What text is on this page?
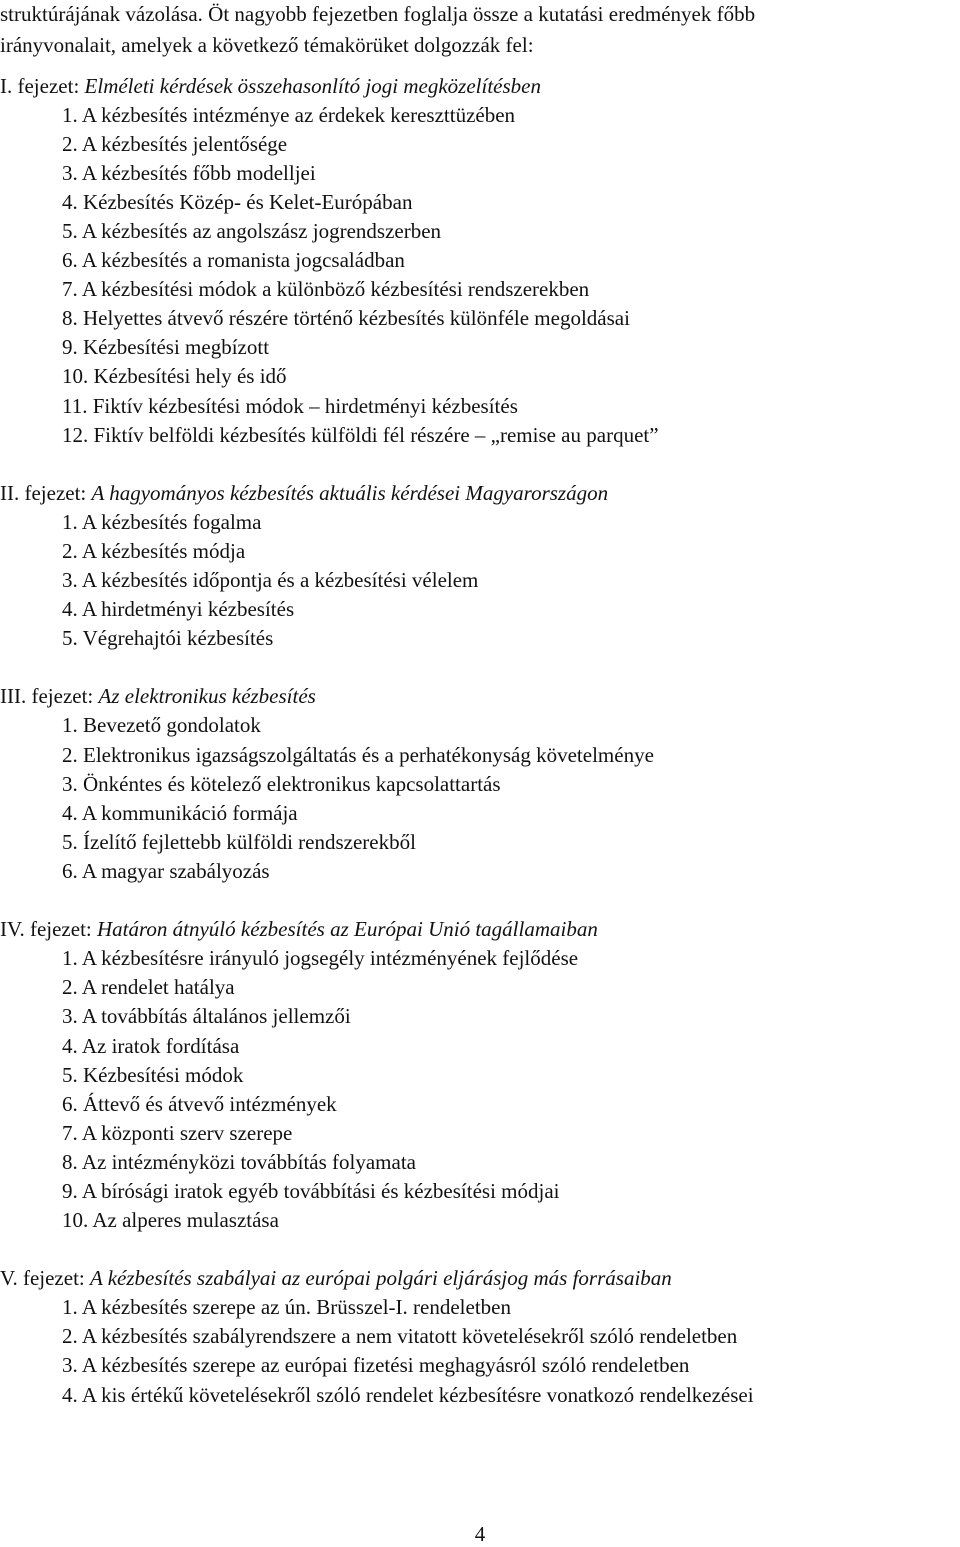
struktúrájának vázolása. Öt nagyobb fejezetben foglalja össze a kutatási eredmények főbb
irányvonalait, amelyek a következő témakörüket dolgozzák fel:
I. fejezet: Elméleti kérdések összehasonlító jogi megközelítésben
1. A kézbesítés intézménye az érdekek kereszttüzében
2. A kézbesítés jelentősége
3. A kézbesítés főbb modelljei
4. Kézbesítés Közép- és Kelet-Európában
5. A kézbesítés az angolszász jogrendszerben
6. A kézbesítés a romanista jogcsaládban
7. A kézbesítési módok a különböző kézbesítési rendszerekben
8. Helyettes átvevő részére történő kézbesítés különféle megoldásai
9. Kézbesítési megbízott
10. Kézbesítési hely és idő
11. Fiktív kézbesítési módok – hirdetményi kézbesítés
12. Fiktív belföldi kézbesítés külföldi fél részére – „remise au parquet”
II. fejezet: A hagyományos kézbesítés aktuális kérdései Magyarországon
1. A kézbesítés fogalma
2. A kézbesítés módja
3. A kézbesítés időpontja és a kézbesítési vélelem
4. A hirdetményi kézbesítés
5. Végrehajtói kézbesítés
III. fejezet: Az elektronikus kézbesítés
1. Bevezető gondolatok
2. Elektronikus igazságszolgáltatás és a perhatékonyság követelménye
3. Önkéntes és kötelező elektronikus kapcsolattartás
4. A kommunikáció formája
5. Ízelítő fejlettebb külföldi rendszerekből
6. A magyar szabályozás
IV. fejezet: Határon átnyúló kézbesítés az Európai Unió tagállamaiban
1. A kézbesítésre irányuló jogsegély intézményének fejlődése
2. A rendelet hatálya
3. A továbbítás általános jellemzői
4. Az iratok fordítása
5. Kézbesítési módok
6. Áttevő és átvevő intézmények
7. A központi szerv szerepe
8. Az intézményközi továbbítás folyamata
9. A bírósági iratok egyéb továbbítási és kézbesítési módjai
10. Az alperes mulasztása
V. fejezet: A kézbesítés szabályai az európai polgári eljárásjog más forrásaiban
1. A kézbesítés szerepe az ún. Brüsszel-I. rendeletben
2. A kézbesítés szabályrendszere a nem vitatott követelésekről szóló rendeletben
3. A kézbesítés szerepe az európai fizetési meghagyásról szóló rendeletben
4. A kis értékű követelésekről szóló rendelet kézbesítésre vonatkozó rendelkezései
4
